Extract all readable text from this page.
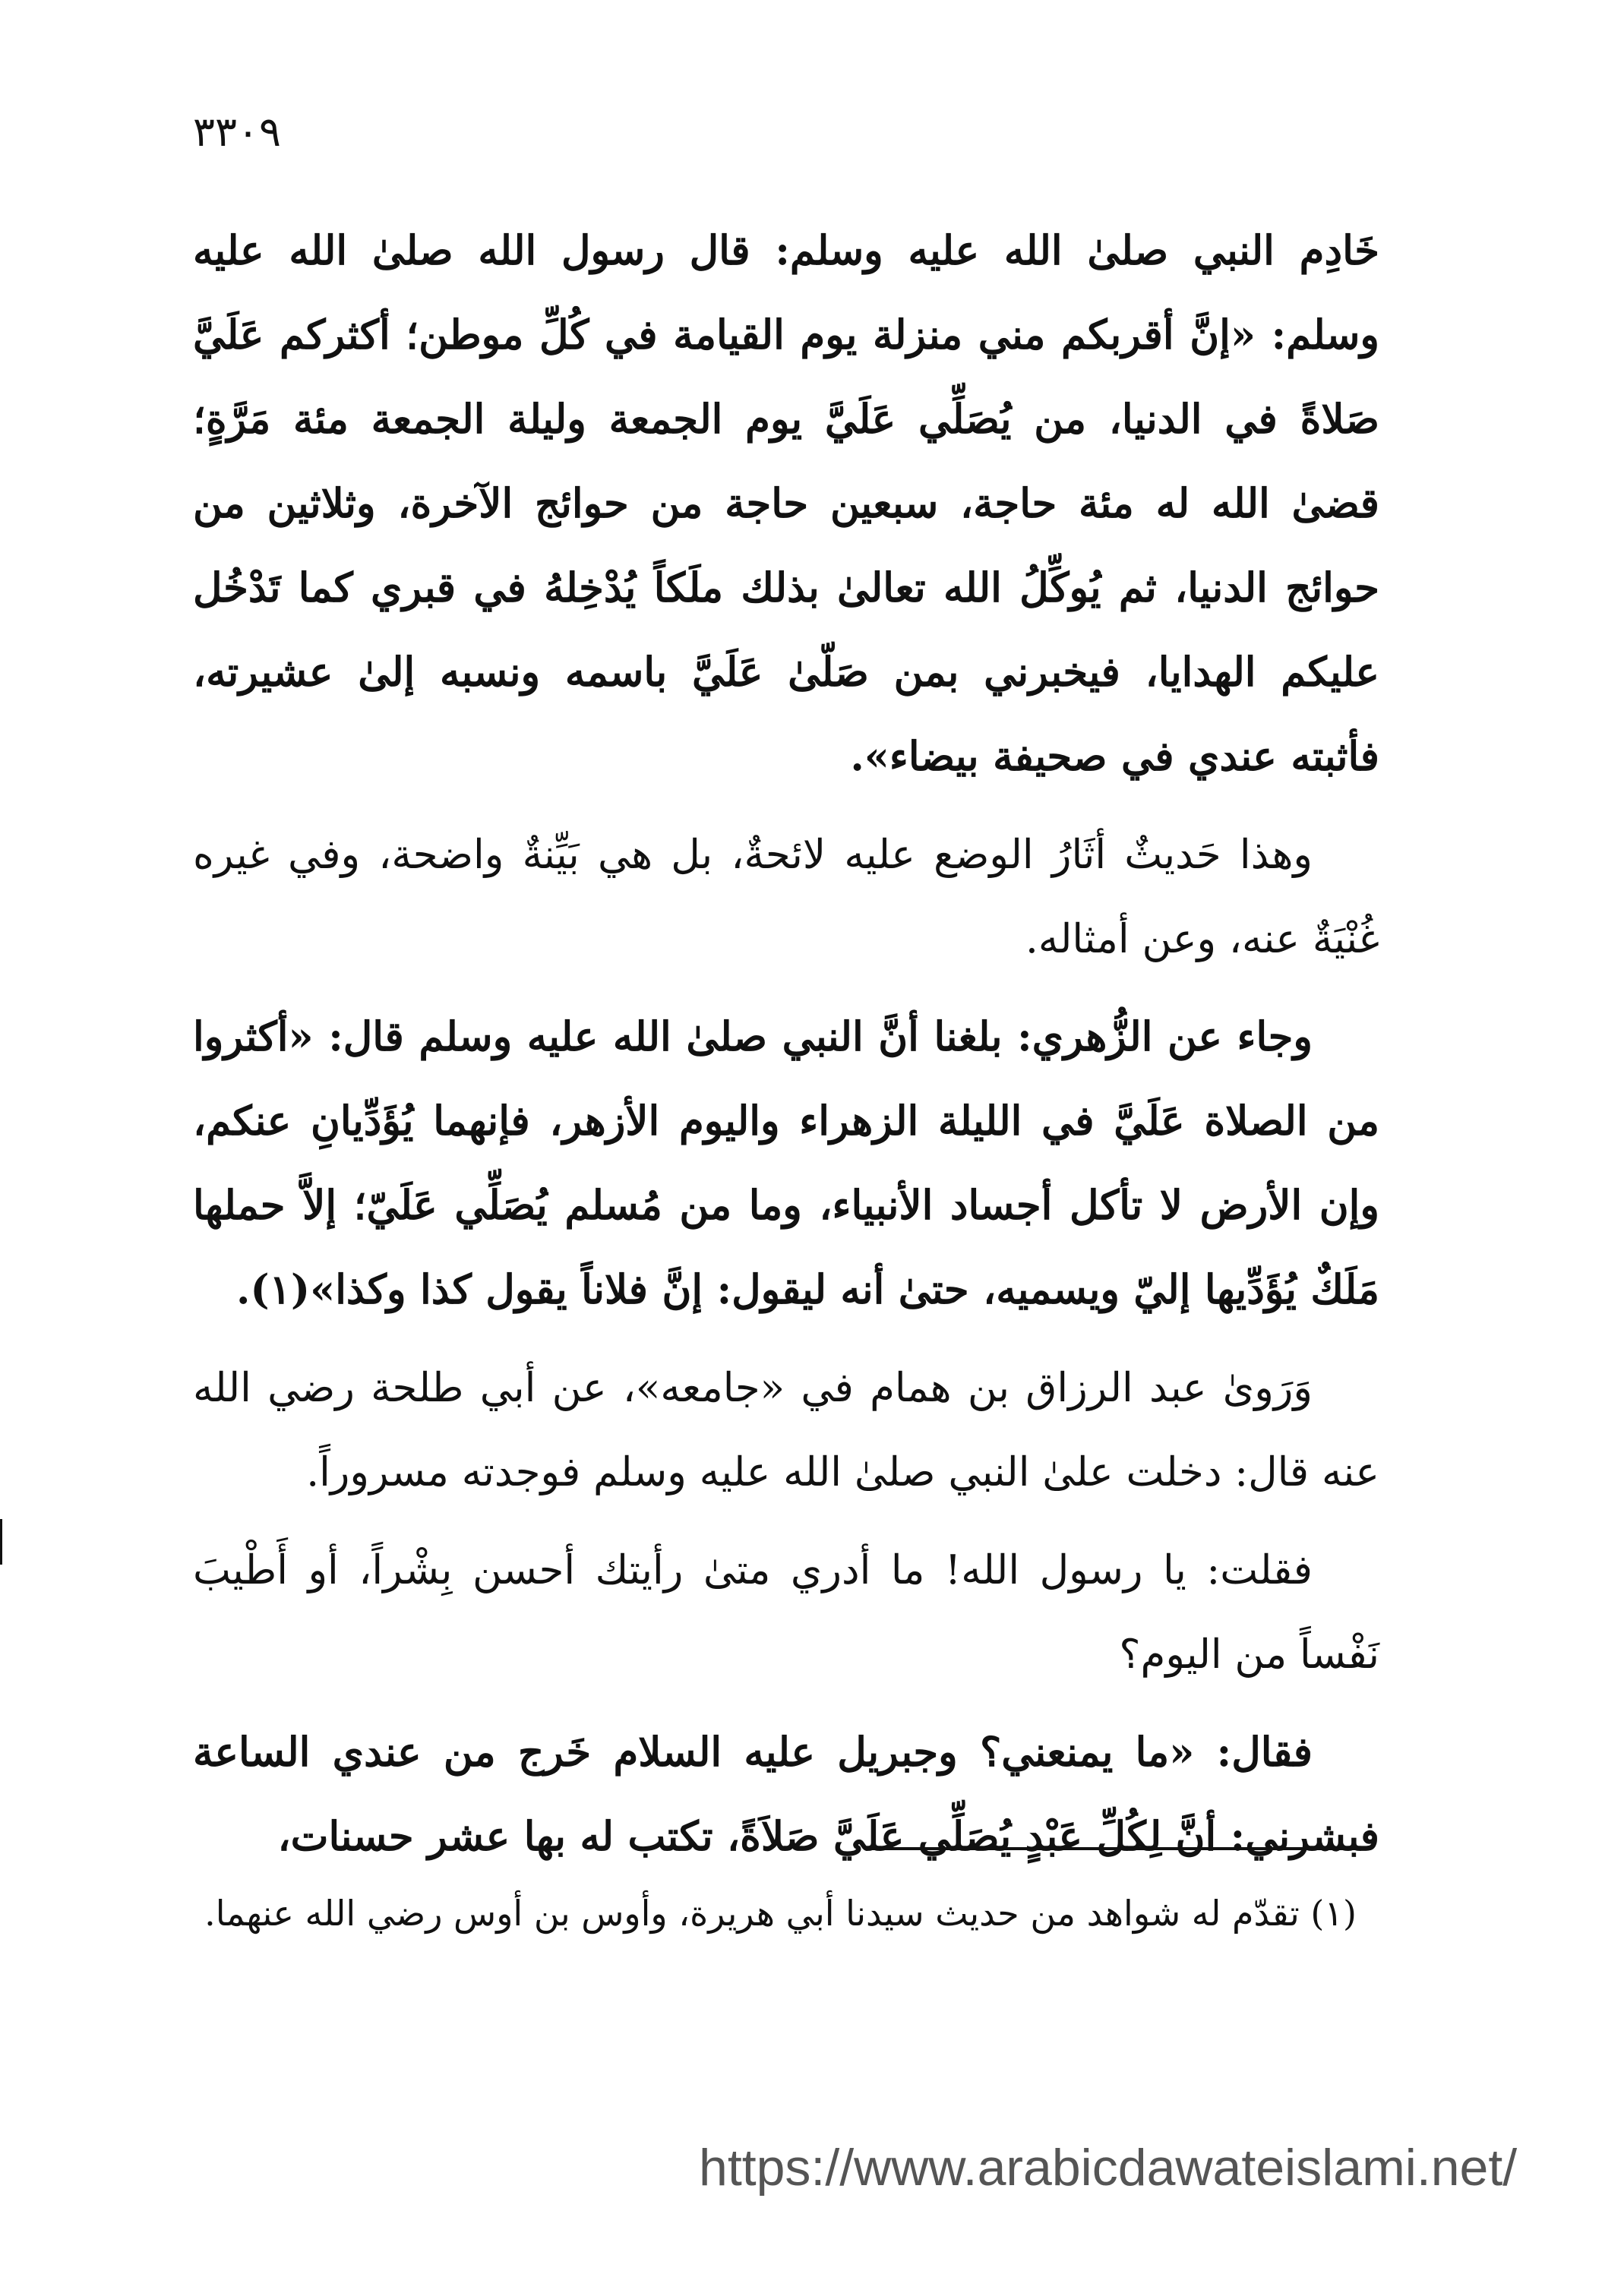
٣٣٠٩

خَادِم النبي صلىٰ الله عليه وسلم: قال رسول الله صلىٰ الله عليه وسلم: «إنَّ أقربكم مني منزلة يوم القيامة في كُلِّ موطن؛ أكثركم عَلَيَّ صَلاةً في الدنيا، من يُصَلِّي عَلَيَّ يوم الجمعة وليلة الجمعة مئة مَرَّةٍ؛ قضىٰ الله له مئة حاجة، سبعين حاجة من حوائج الآخرة، وثلاثين من حوائج الدنيا، ثم يُوكِّلُ الله تعالىٰ بذلك ملَكاً يُدْخِلهُ في قبري كما تَدْخُل عليكم الهدايا، فيخبرني بمن صَلّىٰ عَلَيَّ باسمه ونسبه إلىٰ عشيرته، فأثبته عندي في صحيفة بيضاء».

وهذا حَديثٌ أثَارُ الوضع عليه لائحةٌ، بل هي بَيِّنةٌ واضحة، وفي غيره غُنْيَةٌ عنه، وعن أمثاله.

وجاء عن الزُّهري: بلغنا أنَّ النبي صلىٰ الله عليه وسلم قال: «أكثروا من الصلاة عَلَيَّ في الليلة الزهراء واليوم الأزهر، فإنهما يُؤَدِّيانِ عنكم، وإن الأرض لا تأكل أجساد الأنبياء، وما من مُسلم يُصَلِّي عَلَيّ؛ إلاَّ حملها مَلَكٌ يُؤَدِّيها إليّ ويسميه، حتىٰ أنه ليقول: إنَّ فلاناً يقول كذا وكذا»(١).

وَرَوىٰ عبد الرزاق بن همام في «جامعه»، عن أبي طلحة رضي الله عنه قال: دخلت علىٰ النبي صلىٰ الله عليه وسلم فوجدته مسروراً.

فقلت: يا رسول الله! ما أدري متىٰ رأيتك أحسن بِشْراً، أو أَطْيبَ نَفْساً من اليوم؟

فقال: «ما يمنعني؟ وجبريل عليه السلام خَرج من عندي الساعة فبشرني: أنَّ لِكُلِّ عَبْدٍ يُصَلِّي عَلَيَّ صَلاَةً، تكتب له بها عشر حسنات،

(١) تقدّم له شواهد من حديث سيدنا أبي هريرة، وأوس بن أوس رضي الله عنهما.

https://www.arabicdawateislami.net/
